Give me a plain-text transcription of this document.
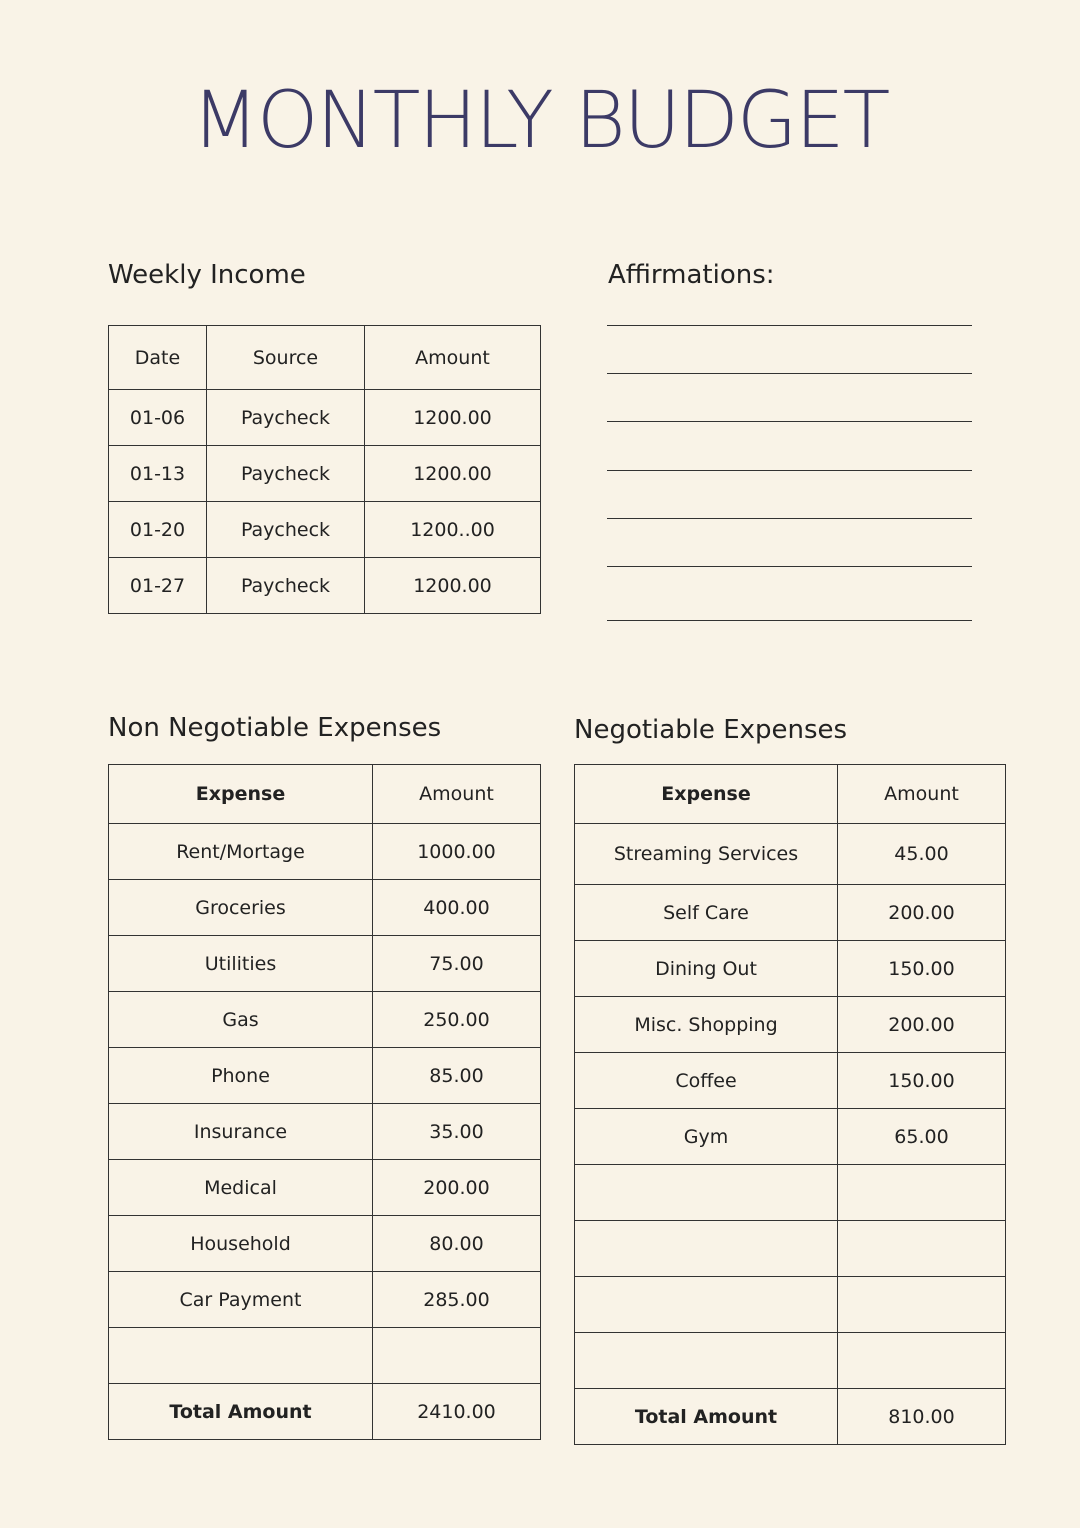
MONTHLY BUDGET
Weekly Income
Date	Source	Amount
01-06	Paycheck	1200.00
01-13	Paycheck	1200.00
01-20	Paycheck	1200..00
01-27	Paycheck	1200.00
Affirmations:
Non Negotiable Expenses
Expense	Amount
Rent/Mortage	1000.00
Groceries	400.00
Utilities	75.00
Gas	250.00
Phone	85.00
Insurance	35.00
Medical	200.00
Household	80.00
Car Payment	285.00

Total Amount	2410.00
Negotiable Expenses
Expense	Amount
Streaming Services	45.00
Self Care	200.00
Dining Out	150.00
Misc. Shopping	200.00
Coffee	150.00
Gym	65.00

Total Amount	810.00
